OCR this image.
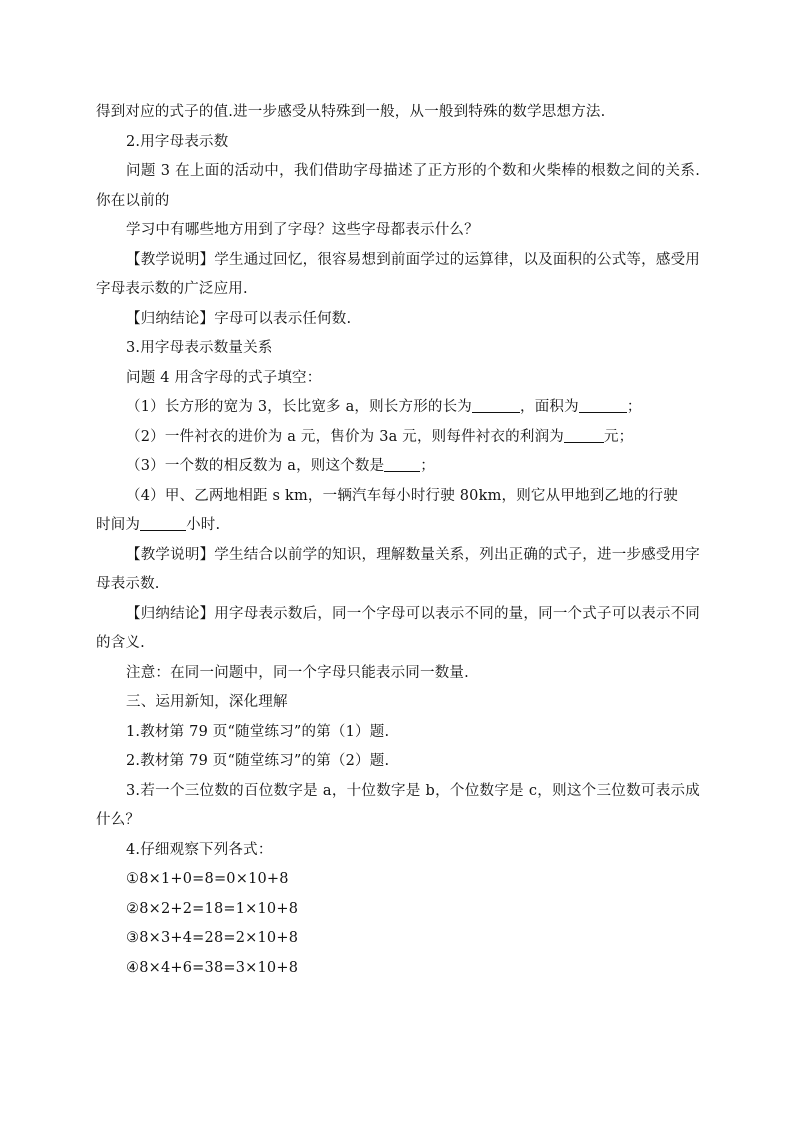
得到对应的式子的值.进一步感受从特殊到一般，从一般到特殊的数学思想方法.

2.用字母表示数

问题 3 在上面的活动中，我们借助字母描述了正方形的个数和火柴棒的根数之间的关系.你在以前的

学习中有哪些地方用到了字母？这些字母都表示什么？

【教学说明】学生通过回忆，很容易想到前面学过的运算律，以及面积的公式等，感受用字母表示数的广泛应用.

【归纳结论】字母可以表示任何数.

3.用字母表示数量关系

问题 4 用含字母的式子填空：

（1）长方形的宽为 3，长比宽多 a，则长方形的长为	，面积为	；

（2）一件衬衣的进价为 a 元，售价为 3a 元，则每件衬衣的利润为	元；

（3）一个数的相反数为 a，则这个数是 ；

（4）甲、乙两地相距 s km，一辆汽车每小时行驶 80km，则它从甲地到乙地的行驶

时间为	小时.

【教学说明】学生结合以前学的知识，理解数量关系，列出正确的式子，进一步感受用字母表示数.

【归纳结论】用字母表示数后，同一个字母可以表示不同的量，同一个式子可以表示不同的含义.

注意：在同一问题中，同一个字母只能表示同一数量.

三、运用新知，深化理解

1.教材第 79 页“随堂练习”的第（1）题.

2.教材第 79 页“随堂练习”的第（2）题.

3.若一个三位数的百位数字是 a，十位数字是 b，个位数字是 c，则这个三位数可表示成什么？

4.仔细观察下列各式：

①8×1+0=8=0×10+8

②8×2+2=18=1×10+8

③8×3+4=28=2×10+8

④8×4+6=38=3×10+8
